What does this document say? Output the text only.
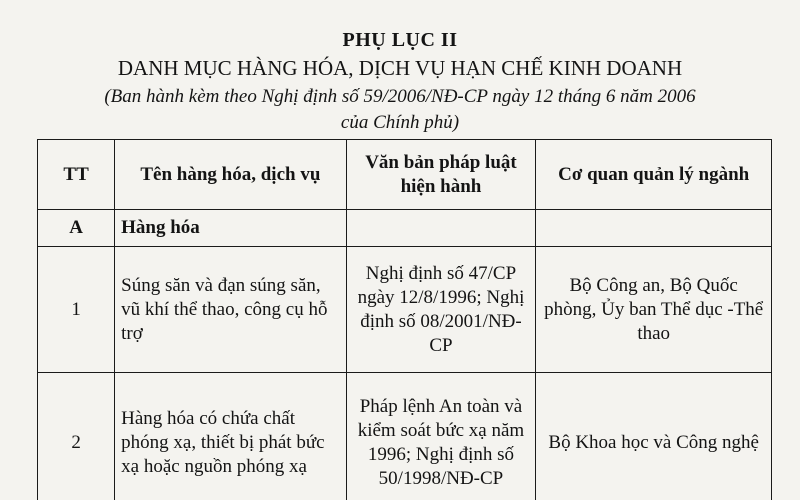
PHỤ LỤC II
DANH MỤC HÀNG HÓA, DỊCH VỤ HẠN CHẾ KINH DOANH
(Ban hành kèm theo Nghị định số 59/2006/NĐ-CP ngày 12 tháng 6 năm 2006
của Chính phủ)
TT	Tên hàng hóa, dịch vụ	Văn bản pháp luật hiện hành	Cơ quan quản lý ngành
A	Hàng hóa		
1	Súng săn và đạn súng săn, vũ khí thể thao, công cụ hỗ trợ	Nghị định số 47/CP ngày 12/8/1996; Nghị định số 08/2001/NĐ-CP	Bộ Công an, Bộ Quốc phòng, Ủy ban Thể dục -Thể thao
2	Hàng hóa có chứa chất phóng xạ, thiết bị phát bức xạ hoặc nguồn phóng xạ	Pháp lệnh An toàn và kiểm soát bức xạ năm 1996; Nghị định số 50/1998/NĐ-CP	Bộ Khoa học và Công nghệ
